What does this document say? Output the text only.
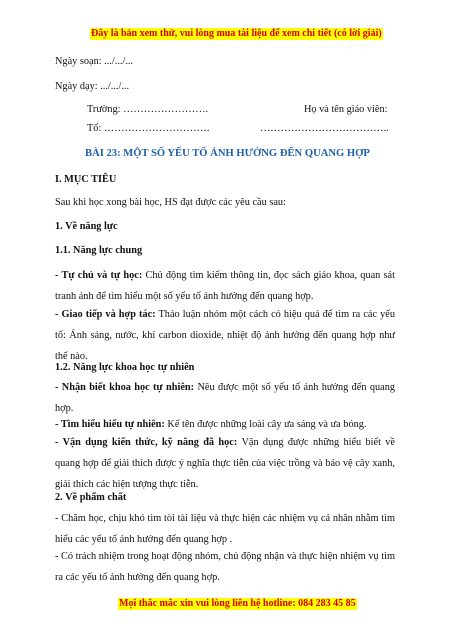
Đây là bản xem thử, vui lòng mua tài liệu để xem chi tiết (có lời giải)
Ngày soạn: .../.../...
Ngày dạy: .../.../...
Trường: …………………….	Họ và tên giáo viên:
Tổ: ………………………….	………………………………..
BÀI 23: MỘT SỐ YẾU TỐ ẢNH HƯỞNG ĐẾN QUANG HỢP
I. MỤC TIÊU
Sau khi học xong bài học, HS đạt được các yêu cầu sau:
1. Về năng lực
1.1. Năng lực chung
- Tự chủ và tự học: Chủ động tìm kiếm thông tin, đọc sách giáo khoa, quan sát tranh ảnh để tìm hiểu một số yếu tố ảnh hưởng đến quang hợp.
- Giao tiếp và hợp tác: Thảo luận nhóm một cách có hiệu quả để tìm ra các yếu tố: Ánh sáng, nước, khí carbon dioxide, nhiệt độ ảnh hưởng đến quang hợp như thế nào.
1.2. Năng lực khoa học tự nhiên
- Nhận biết khoa học tự nhiên: Nêu được một số yếu tố ảnh hưởng đến quang hợp.
- Tìm hiểu hiểu tự nhiên: Kể tên được những loài cây ưa sáng và ưa bóng.
- Vận dụng kiến thức, kỹ năng đã học: Vận dụng được những hiểu biết về quang hợp để giải thích được ý nghĩa thực tiễn của việc trồng và bảo vệ cây xanh, giải thích các hiện tượng thực tiễn.
2. Về phẩm chất
- Chăm học, chịu khó tìm tòi tài liệu và thực hiện các nhiệm vụ cá nhân nhằm tìm hiểu các yếu tố ảnh hưởng đến quang hợp .
- Có trách nhiệm trong hoạt động nhóm, chủ động nhận và thực hiện nhiệm vụ tìm ra các yếu tố ảnh hưởng đến quang hợp.
Mọi thắc mắc xin vui lòng liên hệ hotline: 084 283 45 85
